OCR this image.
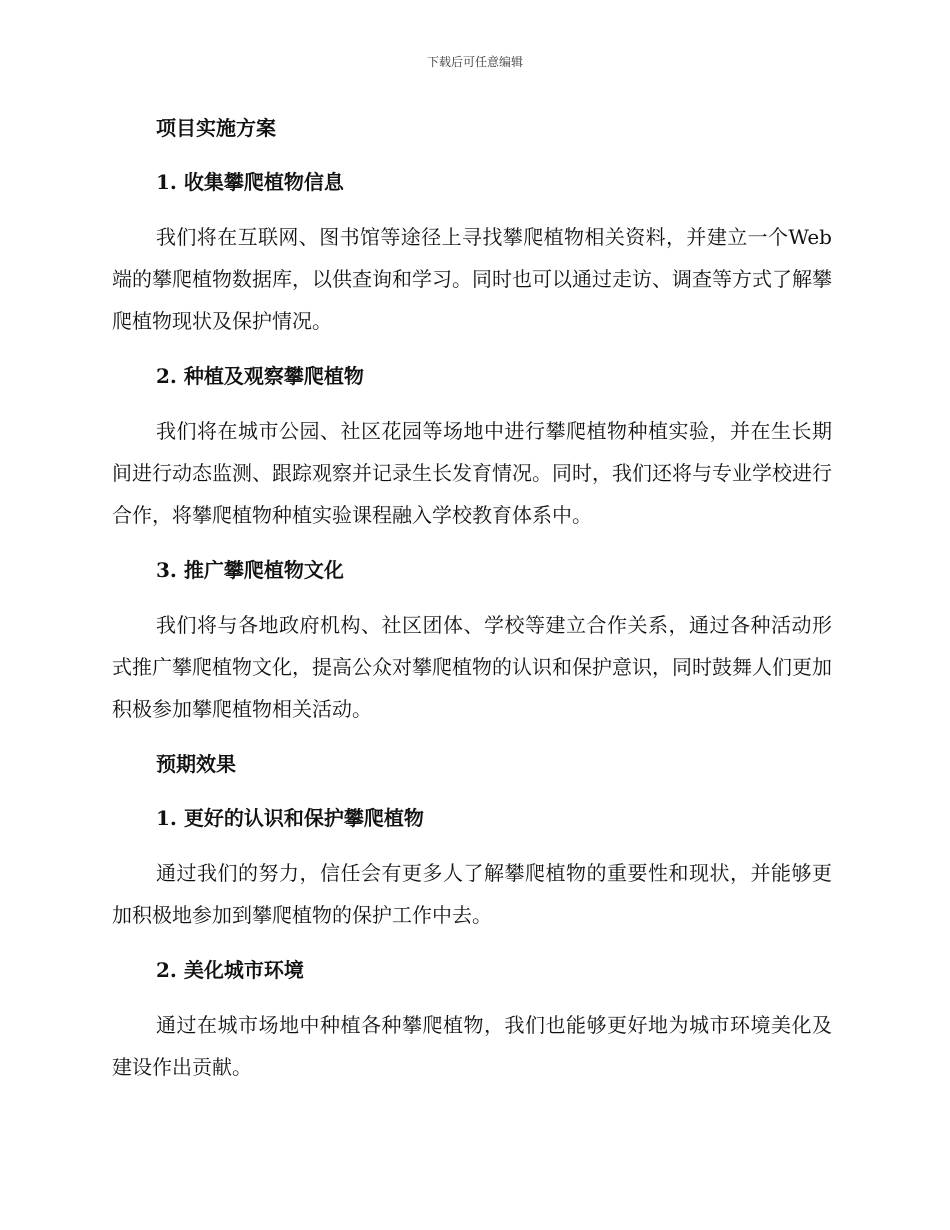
下载后可任意编辑

项目实施方案

1. 收集攀爬植物信息

我们将在互联网、图书馆等途径上寻找攀爬植物相关资料，并建立一个Web端的攀爬植物数据库，以供查询和学习。同时也可以通过走访、调查等方式了解攀爬植物现状及保护情况。

2. 种植及观察攀爬植物

我们将在城市公园、社区花园等场地中进行攀爬植物种植实验，并在生长期间进行动态监测、跟踪观察并记录生长发育情况。同时，我们还将与专业学校进行合作，将攀爬植物种植实验课程融入学校教育体系中。

3. 推广攀爬植物文化

我们将与各地政府机构、社区团体、学校等建立合作关系，通过各种活动形式推广攀爬植物文化，提高公众对攀爬植物的认识和保护意识，同时鼓舞人们更加积极参加攀爬植物相关活动。

预期效果

1. 更好的认识和保护攀爬植物

通过我们的努力，信任会有更多人了解攀爬植物的重要性和现状，并能够更加积极地参加到攀爬植物的保护工作中去。

2. 美化城市环境

通过在城市场地中种植各种攀爬植物，我们也能够更好地为城市环境美化及建设作出贡献。
